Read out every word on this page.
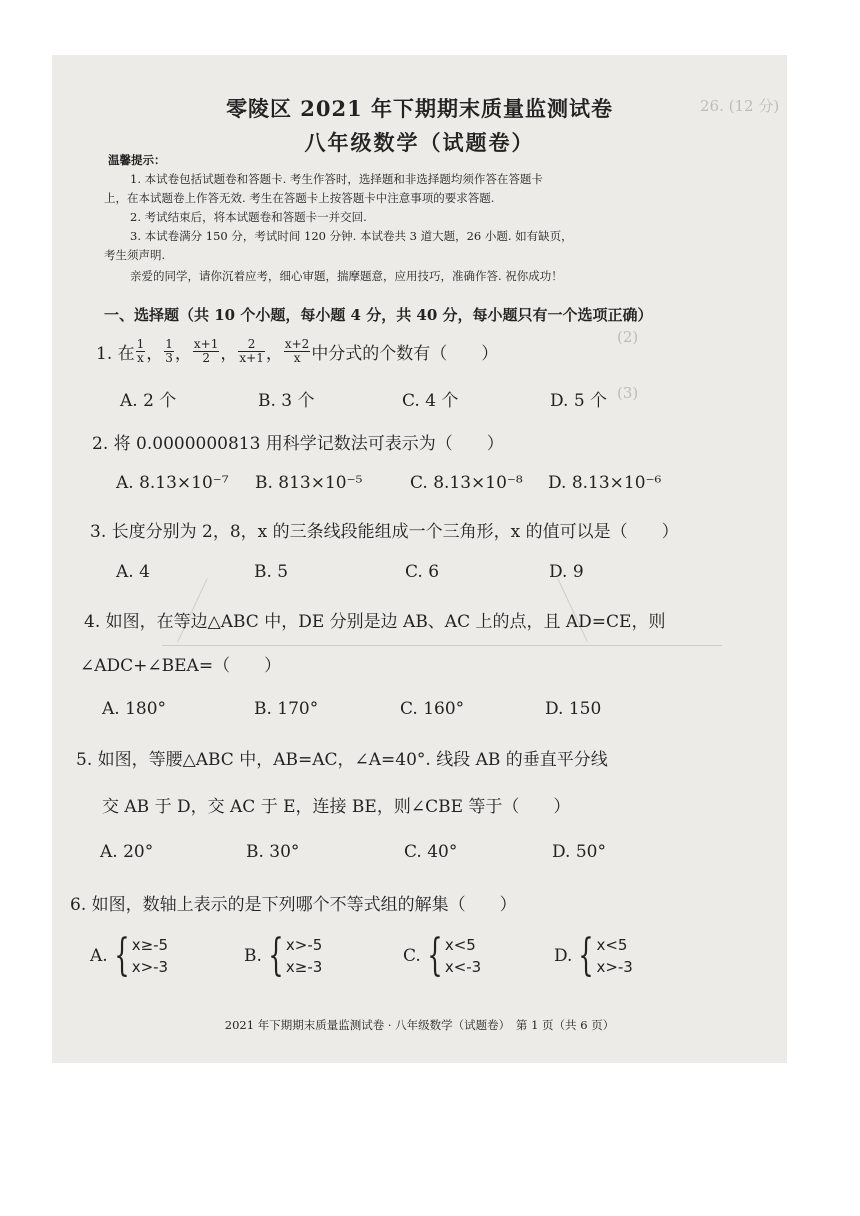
26. (12 分)
(2)
(3)
零陵区 2021 年下期期末质量监测试卷
八年级数学（试题卷）
温馨提示：
1. 本试卷包括试题卷和答题卡. 考生作答时，选择题和非选择题均须作答在答题卡
上，在本试题卷上作答无效. 考生在答题卡上按答题卡中注意事项的要求答题.
2. 考试结束后，将本试题卷和答题卡一并交回.
3. 本试卷满分 150 分，考试时间 120 分钟. 本试卷共 3 道大题，26 小题. 如有缺页，
考生须声明.
亲爱的同学，请你沉着应考，细心审题，揣摩题意，应用技巧，准确作答. 祝你成功！
一、选择题（共 10 个小题，每小题 4 分，共 40 分，每小题只有一个选项正确）
1. 在 $\frac{1}{x}$ ， $\frac{1}{3}$ ， $\frac{x+1}{2}$ ， $\frac{2}{x+1}$ ， $\frac{x+2}{x}$ 中分式的个数有（　　）
A. 2 个	B. 3 个	C. 4 个	D. 5 个
2. 将 0.0000000813 用科学记数法可表示为（　　）
A. 8.13×10⁻⁷ B. 813×10⁻⁵	C. 8.13×10⁻⁸ D. 8.13×10⁻⁶
3. 长度分别为 2，8，x 的三条线段能组成一个三角形，x 的值可以是（　　）
A. 4	B. 5	C. 6	D. 9
4. 如图，在等边△ABC 中，DE 分别是边 AB、AC 上的点，且 AD=CE，则
∠ADC+∠BEA=（　　）
A. 180°	B. 170°	C. 160°	D. 150
5. 如图，等腰△ABC 中，AB=AC，∠A=40°. 线段 AB 的垂直平分线
交 AB 于 D，交 AC 于 E，连接 BE，则∠CBE 等于（　　）
A. 20°	B. 30°	C. 40°	D. 50°
6. 如图，数轴上表示的是下列哪个不等式组的解集（　　）
A. { x≥-5
x>-3
B. { x>-5
x≥-3
C. { x<5
x<-3
D. { x<5
x>-3
2021 年下期期末质量监测试卷 · 八年级数学（试题卷）　第 1 页（共 6 页）
